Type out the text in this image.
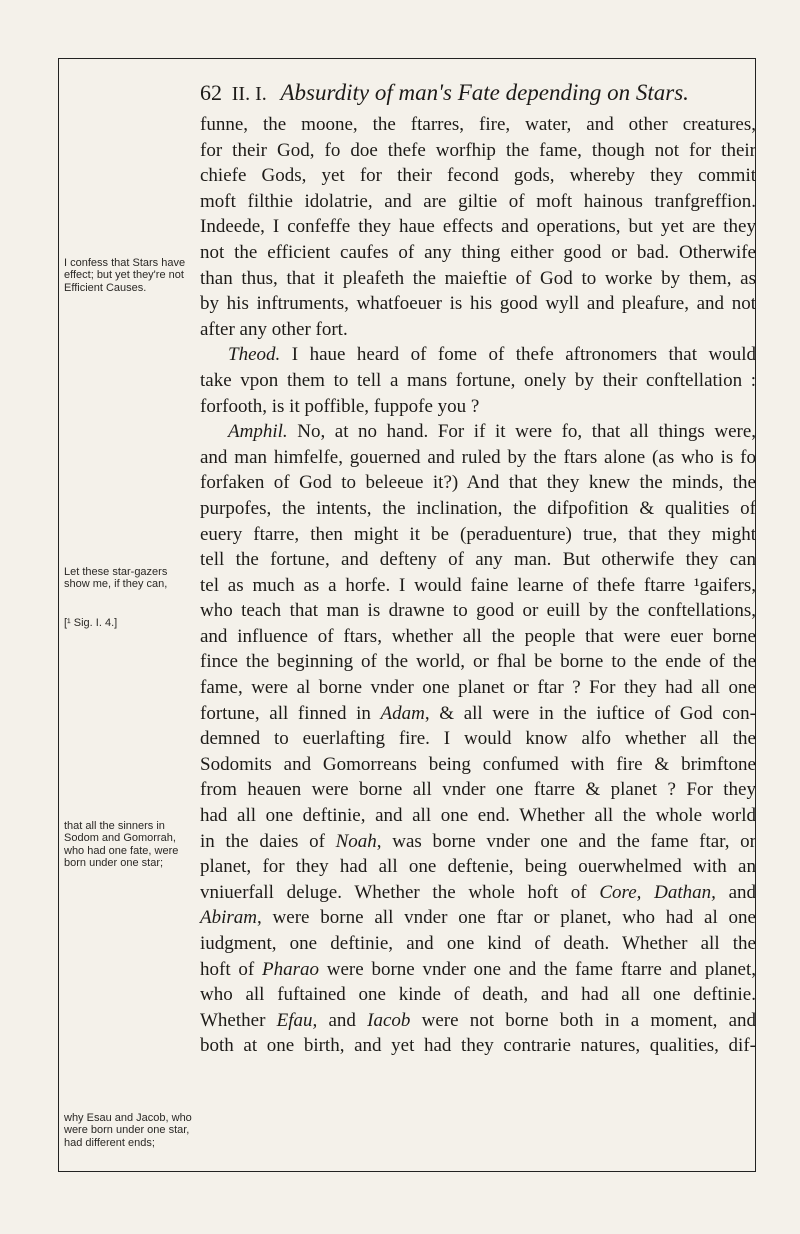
62 II. I. Absurdity of man's Fate depending on Stars.
I confess that Stars have effect; but yet they're not Efficient Causes.
Let these star-gazers show me, if they can,
[¹ Sig. I. 4.]
that all the sinners in Sodom and Gomorrah, who had one fate, were born under one star;
why Esau and Jacob, who were born under one star, had different ends;
funne, the moone, the ftarres, fire, water, and other creatures,
for their God, fo doe thefe worfhip the fame, though not for their
chiefe Gods, yet for their fecond gods, whereby they commit
moft filthie idolatrie, and are giltie of moft hainous tranfgreffion.
Indeede, I confeffe they haue effects and operations, but yet are they
not the efficient caufes of any thing either good or bad. Otherwife
than thus, that it pleafeth the maieftie of God to worke by them, as
by his inftruments, whatfoeuer is his good wyll and pleafure, and not
after any other fort.
Theod. I haue heard of fome of thefe aftronomers that would
take vpon them to tell a mans fortune, onely by their conftellation :
forfooth, is it poffible, fuppofe you ?
Amphil. No, at no hand. For if it were fo, that all things were,
and man himfelfe, gouerned and ruled by the ftars alone (as who is fo
forfaken of God to beleeue it?) And that they knew the minds, the
purpofes, the intents, the inclination, the difpofition & qualities of
euery ftarre, then might it be (peraduenture) true, that they might
tell the fortune, and defteny of any man. But otherwife they can
tel as much as a horfe. I would faine learne of thefe ftarre ¹gaifers,
who teach that man is drawne to good or euill by the conftellations,
and influence of ftars, whether all the people that were euer borne
fince the beginning of the world, or fhal be borne to the ende of the
fame, were al borne vnder one planet or ftar ? For they had all one
fortune, all finned in Adam, & all were in the iuftice of God con-
demned to euerlafting fire. I would know alfo whether all the
Sodomits and Gomorreans being confumed with fire & brimftone
from heauen were borne all vnder one ftarre & planet ? For they
had all one deftinie, and all one end. Whether all the whole world
in the daies of Noah, was borne vnder one and the fame ftar, or
planet, for they had all one deftenie, being ouerwhelmed with an
vniuerfall deluge. Whether the whole hoft of Core, Dathan, and
Abiram, were borne all vnder one ftar or planet, who had al one
iudgment, one deftinie, and one kind of death. Whether all the
hoft of Pharao were borne vnder one and the fame ftarre and planet,
who all fuftained one kinde of death, and had all one deftinie.
Whether Efau, and Iacob were not borne both in a moment, and
both at one birth, and yet had they contrarie natures, qualities, dif-
